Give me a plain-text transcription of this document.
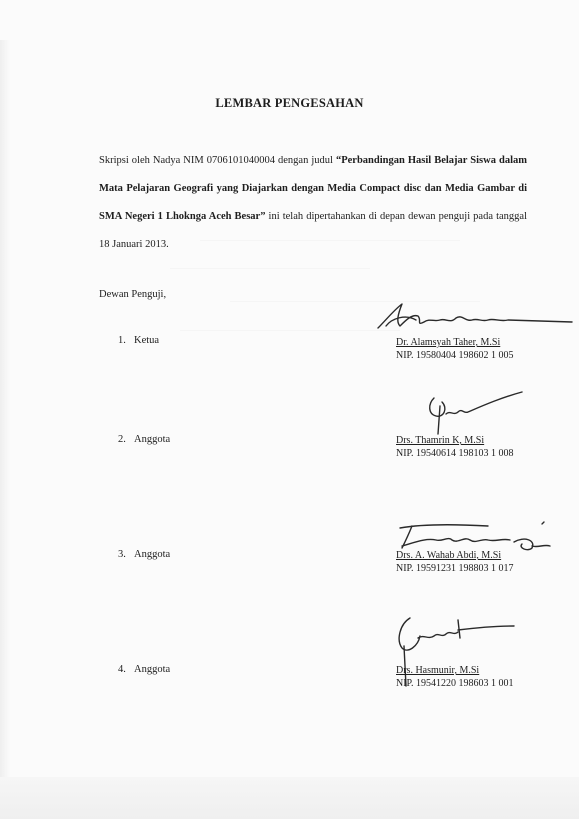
LEMBAR PENGESAHAN
Skripsi oleh Nadya NIM 0706101040004 dengan judul “Perbandingan Hasil Belajar Siswa dalam Mata Pelajaran Geografi yang Diajarkan dengan Media Compact disc dan Media Gambar di SMA Negeri 1 Lhoknga Aceh Besar” ini telah dipertahankan di depan dewan penguji pada tanggal 18 Januari 2013.
Dewan Penguji,
1. Ketua	Dr. Alamsyah Taher, M.Si
NIP. 19580404 198602 1 005
2. Anggota	Drs. Thamrin K, M.Si
NIP. 19540614 198103 1 008
3. Anggota	Drs. A. Wahab Abdi, M.Si
NIP. 19591231 198803 1 017
4. Anggota	Drs. Hasmunir, M.Si
NIP. 19541220 198603 1 001
